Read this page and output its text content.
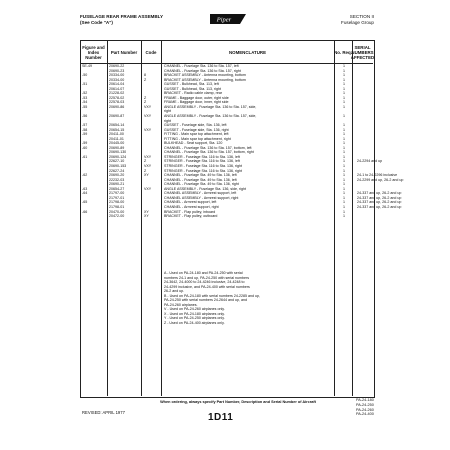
FUSELAGE REAR FRAME ASSEMBLY
(See Code "A")	Piper	SECTION II
Fuselage Group
Figure and Index Number
Part Number	Code	NOMENCLATURE	No. Req.
SERIAL NUMBERS AFFECTED
SE-49	20690-22	CHANNEL - Fuselage Sta. 136 to Sta. 157, left	1
20690-23	CHANNEL - Fuselage Sta. 136 to Sta. 157, right	1
-50	20334-00	8	BRACKET ASSEMBLY - Antenna mounting, bottom	1
20334-00	Z	BRACKET ASSEMBLY - Antenna mounting, bottom	1
-51	20614-04	GUSSET - Bulkhead, Sta. 113, left	1
20614-07	GUSSET - Bulkhead, Sta. 113, right	1
-52	21228-02	BRACKET - Radio cable clamp, rear	1
-53	22578-02	Z	FRAME - Baggage door, outer, right side	1
-54	22578-03	Z	FRAME - Baggage door, inner, right side	1
-55	20690-86	VXY	ANGLE ASSEMBLY - Fuselage Sta. 136 to Sta. 157, side,	1
right
-56	20690-87	VXY	ANGLE ASSEMBLY - Fuselage Sta. 136 to Sta. 157, side,	1
right
-57	20654-14	GUSSET - Fuselage side, Sta. 136, left	1
-58	20654-15	VXY	GUSSET - Fuselage side, Sta. 136, right	1
-59	20411-00	FITTING - Main spar top attachment, left	1
20411-01	FITTING - Main spar top attachment, right	1
-59	20445-00	BULKHEAD - Seat support, Sta. 120	1
-60	20690-89	CHANNEL - Fuselage Sta. 136 to Sta. 157, bottom, left	1
20690-130	CHANNEL - Fuselage Sta. 136 to Sta. 157, bottom, right	1
-61	20690-124	VXY	STRINGER - Fuselage Sta. 116 to Sta. 136, left	1
22627-10	Z	STRINGER - Fuselage Sta. 116 to Sta. 136, left	1	24-2294 and up
20690-153	VXY	STRINGER - Fuselage Sta. 116 to Sta. 136, right	1
22627-24	Z	STRINGER - Fuselage Sta. 116 to Sta. 136, right	1
-62	20690-20	XY	CHANNEL - Fuselage Sta. 49 to Sta. 136, left	1	24-1 to 24-2296 inclusive
22232-03	CHANNEL - Fuselage Sta. 49 to Sta. 136, left	1	24-2299 and up, 26-2 and up
20690-21	CHANNEL - Fuselage Sta. 49 to Sta. 136, right	1
-63	20654-27	VXY	ANGLE ASSEMBLY - Fuselage Sta. 136, side, right	1
-64	21797-00	CHANNEL ASSEMBLY - Armrest support, left	1	24-337 and up, 26-2 and up
21797-01	CHANNEL ASSEMBLY - Armrest support, right	1	24-337 and up, 26-2 and up
-65	21798-00	CHANNEL - Armrest support, left	1	24-337 and up, 26-2 and up
21798-01	CHANNEL - Armrest support, right	1	24-337 and up, 26-2 and up
-66	20470-00	XY	BRACKET - Flap pulley, inboard	1
20472-00	XY	BRACKET - Flap pulley, outboard	1
A - Used on PA-24-180 and PA-24-250 with serial
numbers 24-1 and up, PA-24-250 with serial numbers
24-3642, 24-4000 to 24-4246 inclusive, 24-4248 to
24-4299 inclusive, and PA-24-400 with serial numbers
26-2 and up.
B - Used on PA-24-180 with serial numbers 24-2285 and up,
PA-24-250 with serial numbers 24-2644 and up, and
PA-24-260 airplanes.
V - Used on PA-24-260 airplanes only.
X - Used on PA-24-180 airplanes only.
Y - Used on PA-24-250 airplanes only.
Z - Used on PA-24-400 airplanes only.
When ordering, always specify Part Number, Description and Serial Number of Aircraft
REVISED: APRIL 1977	1D11
PA-24-180
PA-24-250
PA-24-260
PA-24-400
